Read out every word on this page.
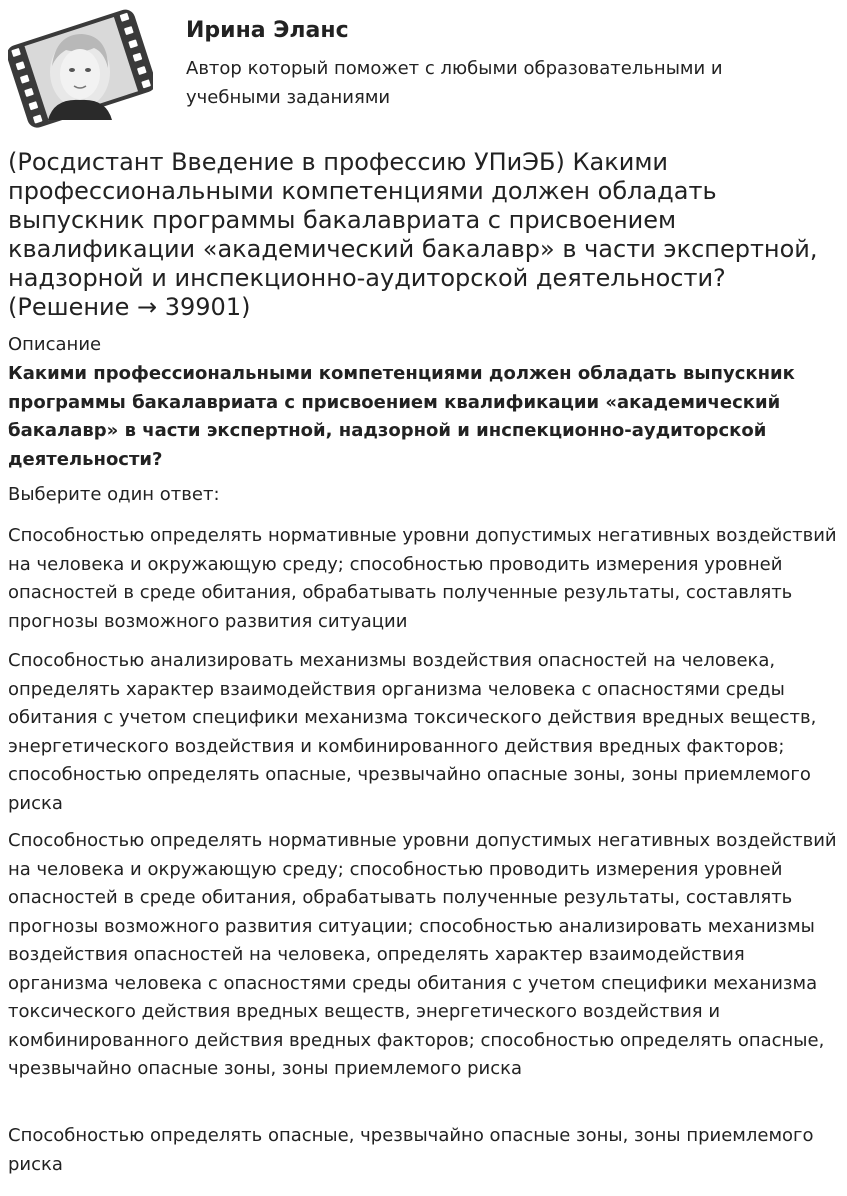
Ирина Эланс
Автор который поможет с любыми образовательными и учебными заданиями
(Росдистант Введение в профессию УПиЭБ) Какими профессиональными компетенциями должен обладать выпускник программы бакалавриата с присвоением квалификации «академический бакалавр» в части экспертной, надзорной и инспекционно-аудиторской деятельности? (Решение → 39901)
Описание
Какими профессиональными компетенциями должен обладать выпускник программы бакалавриата с присвоением квалификации «академический бакалавр» в части экспертной, надзорной и инспекционно-аудиторской деятельности?
Выберите один ответ:
Способностью определять нормативные уровни допустимых негативных воздействий на человека и окружающую среду; способностью проводить измерения уровней опасностей в среде обитания, обрабатывать полученные результаты, составлять прогнозы возможного развития ситуации
Способностью анализировать механизмы воздействия опасностей на человека, определять характер взаимодействия организма человека с опасностями среды обитания с учетом специфики механизма токсического действия вредных веществ, энергетического воздействия и комбинированного действия вредных факторов; способностью определять опасные, чрезвычайно опасные зоны, зоны приемлемого риска
Способностью определять нормативные уровни допустимых негативных воздействий на человека и окружающую среду; способностью проводить измерения уровней опасностей в среде обитания, обрабатывать полученные результаты, составлять прогнозы возможного развития ситуации; способностью анализировать механизмы воздействия опасностей на человека, определять характер взаимодействия организма человека с опасностями среды обитания с учетом специфики механизма токсического действия вредных веществ, энергетического воздействия и комбинированного действия вредных факторов; способностью определять опасные, чрезвычайно опасные зоны, зоны приемлемого риска
Способностью определять опасные, чрезвычайно опасные зоны, зоны приемлемого риска
